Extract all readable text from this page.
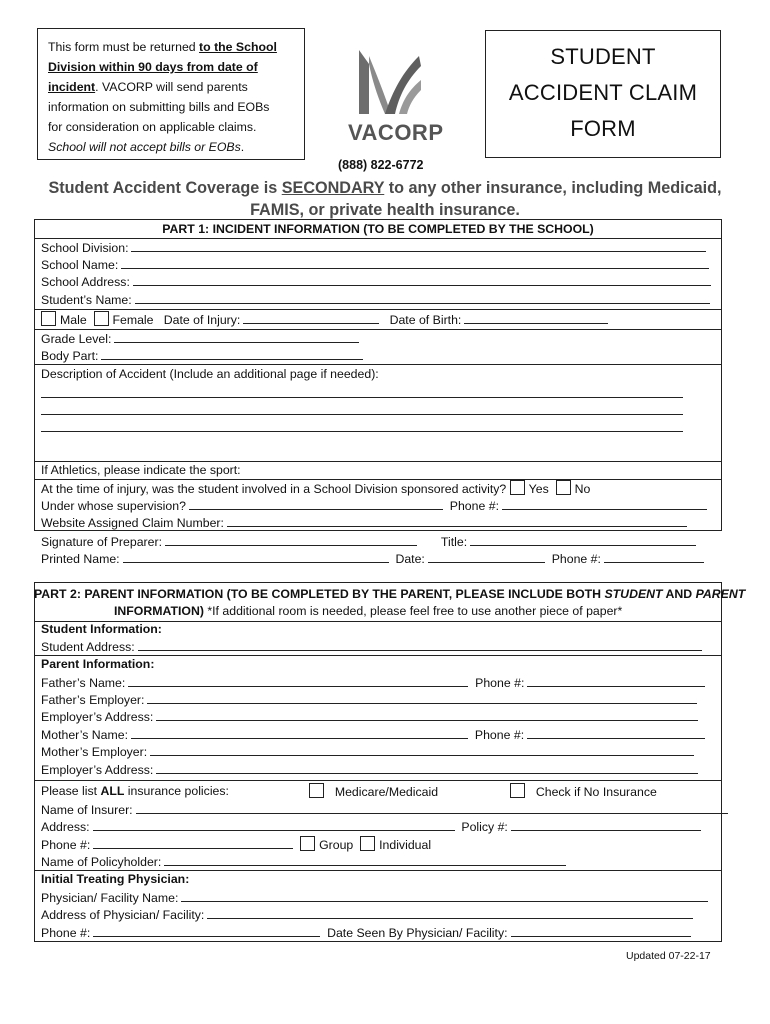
This form must be returned to the School
Division within 90 days from date of
incident. VACORP will send parents
information on submitting bills and EOBs
for consideration on applicable claims.
School will not accept bills or EOBs.
VACORP
STUDENT
ACCIDENT CLAIM
FORM
(888) 822-6772
Student Accident Coverage is SECONDARY to any other insurance, including Medicaid,
FAMIS, or private health insurance.
PART 1: INCIDENT INFORMATION (TO BE COMPLETED BY THE SCHOOL)
School Division:
School Name:
School Address:
Student’s Name:
Male Female Date of Injury:	Date of Birth:
Grade Level:
Body Part:
Description of Accident (Include an additional page if needed):
If Athletics, please indicate the sport:
At the time of injury, was the student involved in a School Division sponsored activity? Yes No
Under whose supervision?	Phone #:
Website Assigned Claim Number:
Signature of Preparer:	Title:
Printed Name:	Date:	Phone #:
PART 2: PARENT INFORMATION (TO BE COMPLETED BY THE PARENT, PLEASE INCLUDE BOTH STUDENT AND PARENT
INFORMATION) *If additional room is needed, please feel free to use another piece of paper*
Student Information:
Student Address:
Parent Information:
Father’s Name:	Phone #:
Father’s Employer:
Employer’s Address:
Mother’s Name:	Phone #:
Mother’s Employer:
Employer’s Address:
Please list ALL insurance policies:	Medicare/Medicaid	Check if No Insurance
Name of Insurer:
Address:	Policy #:
Phone #:	Group Individual
Name of Policyholder:
Initial Treating Physician:
Physician/ Facility Name:
Address of Physician/ Facility:
Phone #:	Date Seen By Physician/ Facility:
Updated 07-22-17
